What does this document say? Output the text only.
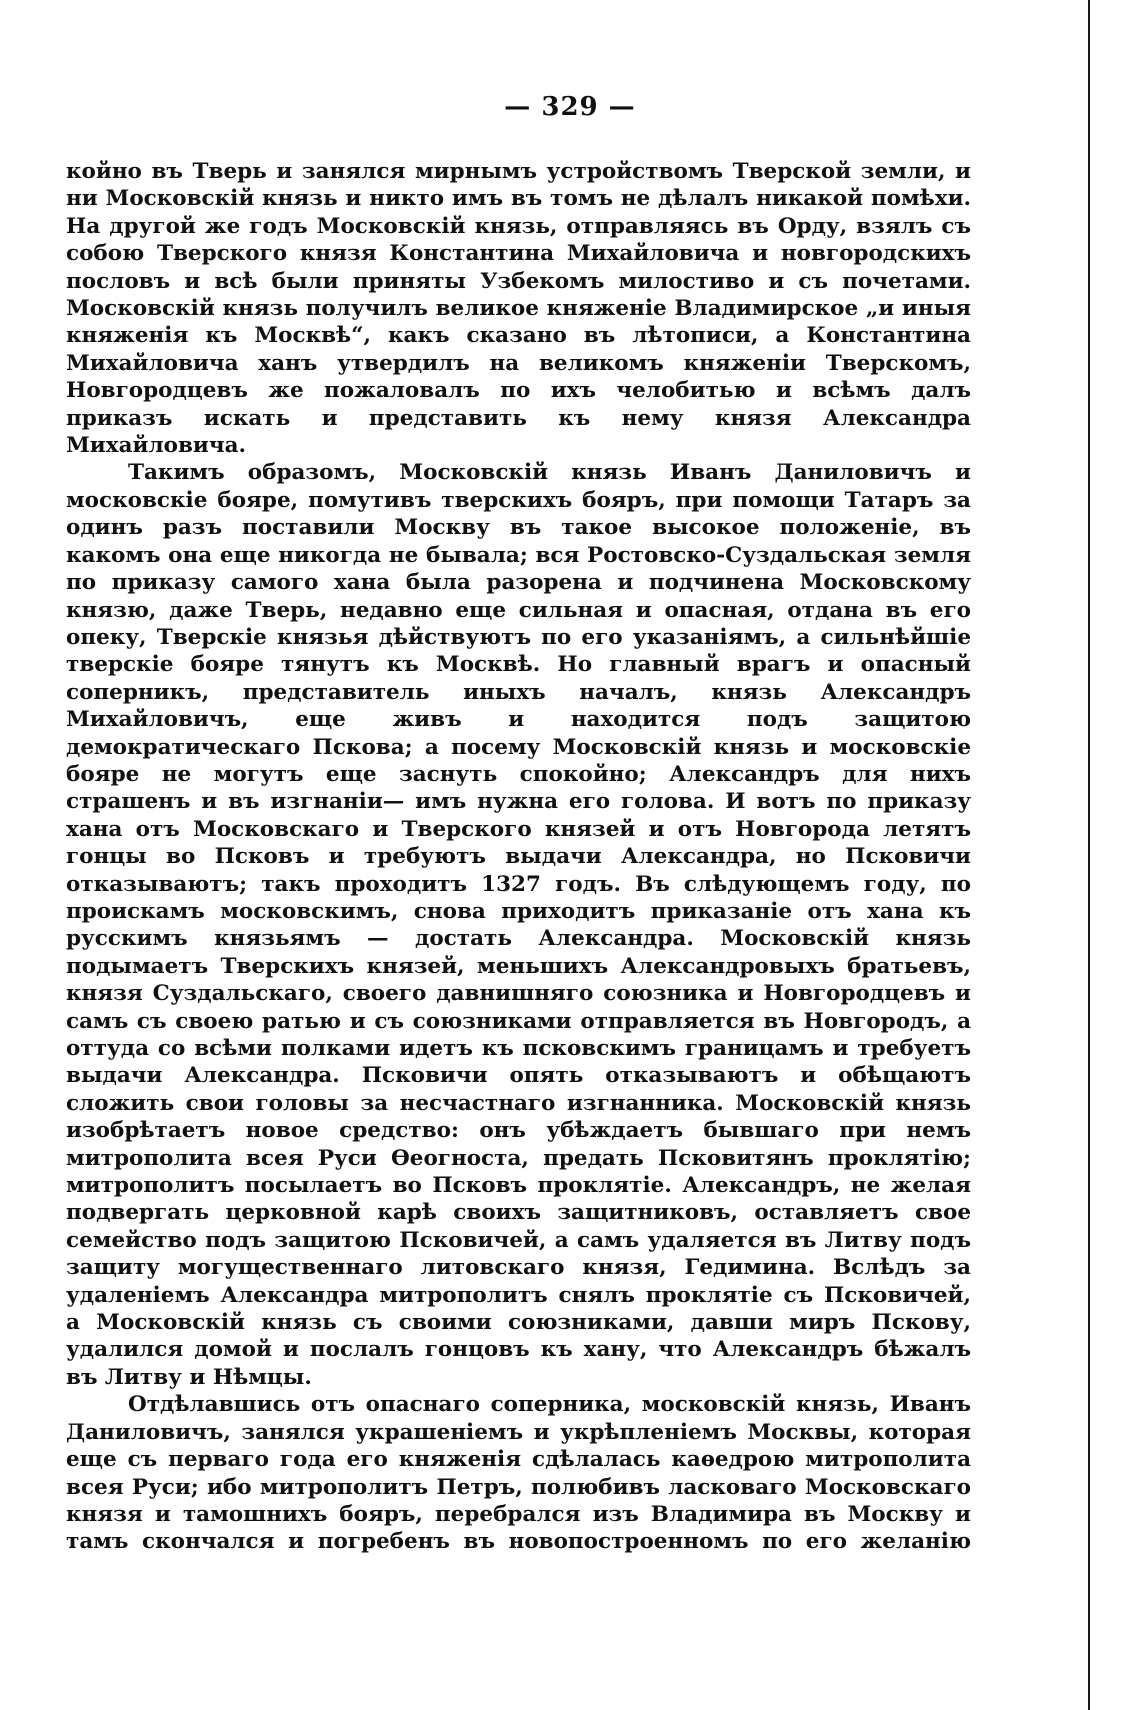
— 329 —

койно въ Тверь и занялся мирнымъ устройствомъ Тверской земли, и ни Московскій князь и никто имъ въ томъ не дѣлалъ никакой помѣхи. На другой же годъ Московскій князь, отправляясь въ Орду, взялъ съ собою Тверского князя Константина Михайловича и новгородскихъ пословъ и всѣ были приняты Узбекомъ милостиво и съ почетами. Московскій князь получилъ великое княженіе Владимирское „и иныя княженія къ Москвѣ“, какъ сказано въ лѣтописи, а Константина Михайловича ханъ утвердилъ на великомъ княженіи Тверскомъ, Новгородцевъ же пожаловалъ по ихъ челобитью и всѣмъ далъ приказъ искать и представить къ нему князя Александра Михайловича.

Такимъ образомъ, Московскій князь Иванъ Даниловичъ и московскіе бояре, помутивъ тверскихъ бояръ, при помощи Татаръ за одинъ разъ поставили Москву въ такое высокое положеніе, въ какомъ она еще никогда не бывала; вся Ростовско-Суздальская земля по приказу самого хана была разорена и подчинена Московскому князю, даже Тверь, недавно еще сильная и опасная, отдана въ его опеку, Тверскіе князья дѣйствуютъ по его указаніямъ, а сильнѣйшіе тверскіе бояре тянутъ къ Москвѣ. Но главный врагъ и опасный соперникъ, представитель иныхъ началъ, князь Александръ Михайловичъ, еще живъ и находится подъ защитою демократическаго Пскова; а посему Московскій князь и московскіе бояре не могутъ еще заснуть спокойно; Александръ для нихъ страшенъ и въ изгнаніи— имъ нужна его голова. И вотъ по приказу хана отъ Московскаго и Тверского князей и отъ Новгорода летятъ гонцы во Псковъ и требуютъ выдачи Александра, но Псковичи отказываютъ; такъ проходитъ 1327 годъ. Въ слѣдующемъ году, по проискамъ московскимъ, снова приходитъ приказаніе отъ хана къ русскимъ князьямъ — достать Александра. Московскій князь подымаетъ Тверскихъ князей, меньшихъ Александровыхъ братьевъ, князя Суздальскаго, своего давнишняго союзника и Новгородцевъ и самъ съ своею ратью и съ союзниками отправляется въ Новгородъ, а оттуда со всѣми полками идетъ къ псковскимъ границамъ и требуетъ выдачи Александра. Псковичи опять отказываютъ и обѣщаютъ сложить свои головы за несчастнаго изгнанника. Московскій князь изобрѣтаетъ новое средство: онъ убѣждаетъ бывшаго при немъ митрополита всея Руси Ѳеогноста, предать Псковитянъ проклятію; митрополитъ посылаетъ во Псковъ проклятіе. Александръ, не желая подвергать церковной карѣ своихъ защитниковъ, оставляетъ свое семейство подъ защитою Псковичей, а самъ удаляется въ Литву подъ защиту могущественнаго литовскаго князя, Гедимина. Вслѣдъ за удаленіемъ Александра митрополитъ снялъ проклятіе съ Псковичей, а Московскій князь съ своими союзниками, давши миръ Пскову, удалился домой и послалъ гонцовъ къ хану, что Александръ бѣжалъ въ Литву и Нѣмцы.

Отдѣлавшись отъ опаснаго соперника, московскій князь, Иванъ Даниловичъ, занялся украшеніемъ и укрѣпленіемъ Москвы, которая еще съ перваго года его княженія сдѣлалась каѳедрою митрополита всея Руси; ибо митрополитъ Петръ, полюбивъ ласковаго Московскаго князя и тамошнихъ бояръ, перебрался изъ Владимира въ Москву и тамъ скончался и погребенъ въ новопостроенномъ по его желанію
